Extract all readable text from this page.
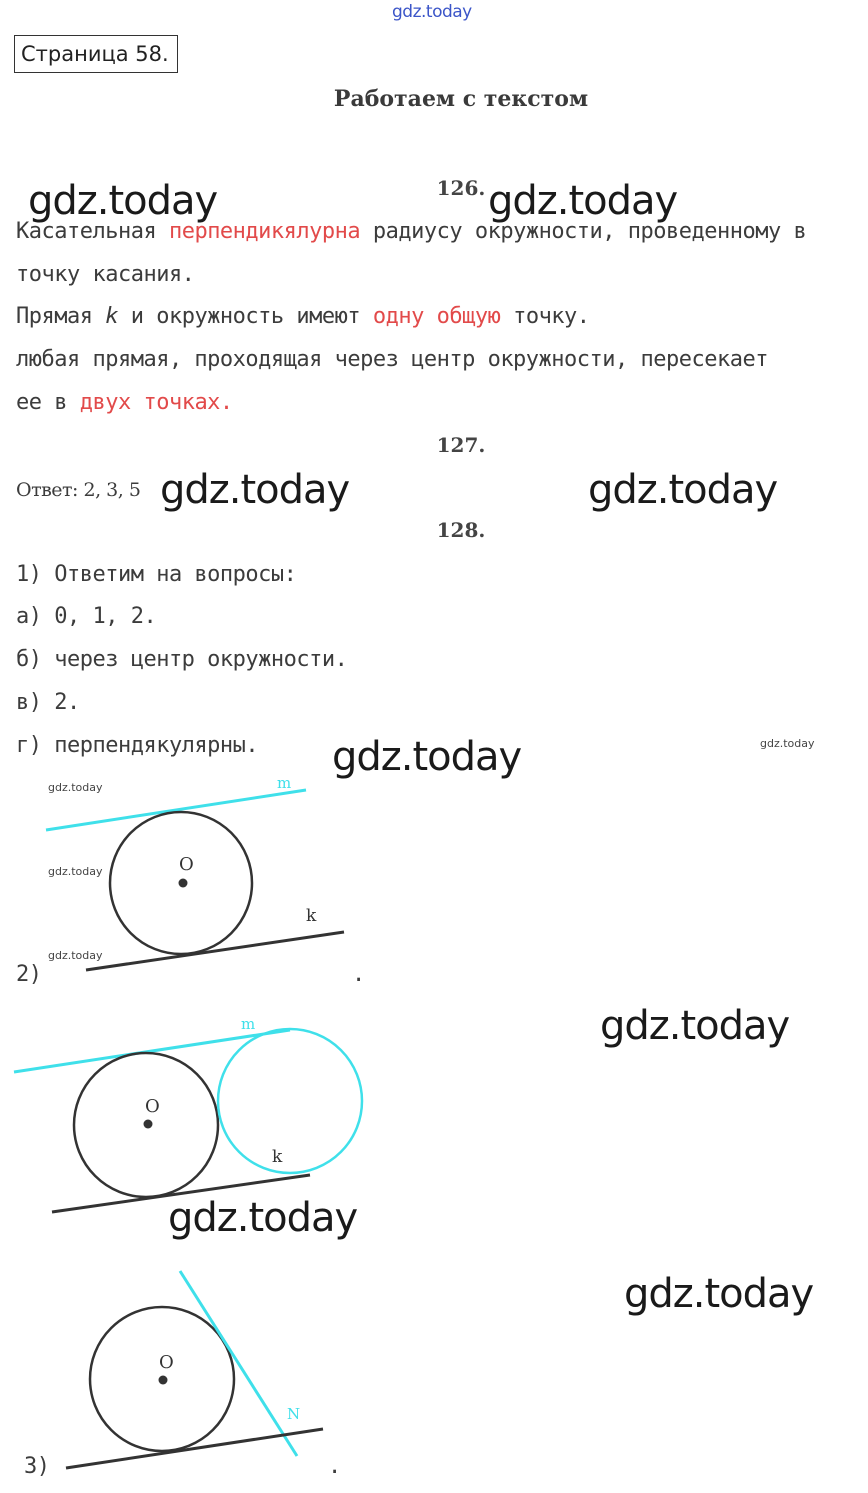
gdz.today
Страница 58.
Работаем с текстом
126.
gdz.today	gdz.today
Касательная перпендикялурна радиусу окружности, проведенному в
точку касания.
Прямая k и окружность имеют одну общую точку.
любая прямая, проходящая через центр окружности, пересекает
ее в двух точках.
127.
Ответ: 2, 3, 5 gdz.today	gdz.today
128.
1) Ответим на вопросы:
а) 0, 1, 2.
б) через центр окружности.
в) 2.
г) перпендякулярны. gdz.today	gdz.today
gdz.today
gdz.today
gdz.today
2)	.
gdz.today
gdz.today
gdz.today
3)	.
m
O
k
m
O
k
O
N
